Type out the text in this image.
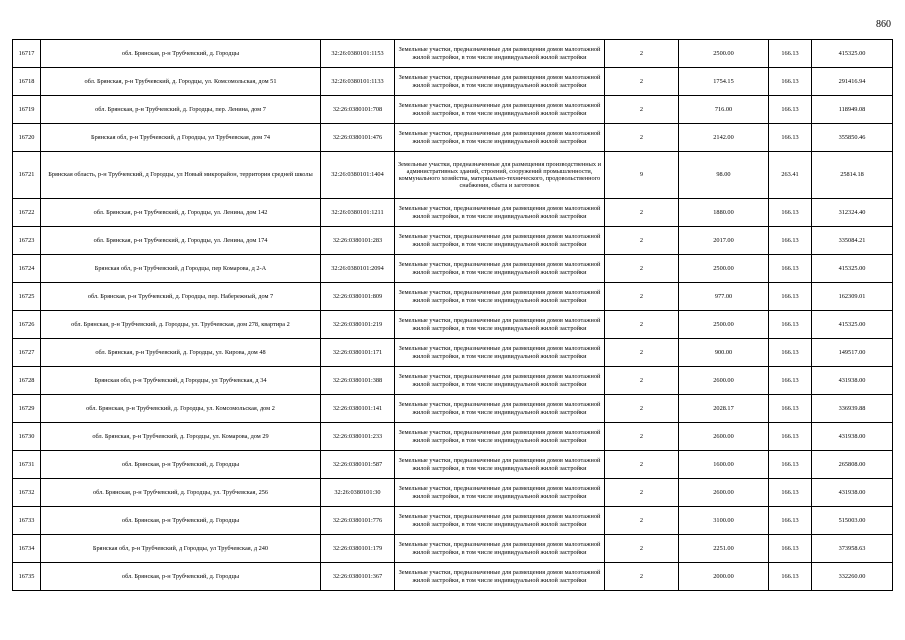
860
16717	обл. Брянская, р-н Трубчевский, д. Городцы	32:26:0380101:1153	Земельные участки, предназначенные для размещения домов малоэтажной жилой застройки, в том числе индивидуальной жилой застройки	2	2500.00	166.13	415325.00
16718	обл. Брянская, р-н Трубчевский, д. Городцы, ул. Комсомольская, дом 51	32:26:0380101:1133	Земельные участки, предназначенные для размещения домов малоэтажной жилой застройки, в том числе индивидуальной жилой застройки	2	1754.15	166.13	291416.94
16719	обл. Брянская, р-н Трубчевский, д. Городцы, пер. Ленина, дом 7	32:26:0380101:708	Земельные участки, предназначенные для размещения домов малоэтажной жилой застройки, в том числе индивидуальной жилой застройки	2	716.00	166.13	118949.08
16720	Брянская обл, р-н Трубчевский, д Городцы, ул Трубчевская, дом 74	32:26:0380101:476	Земельные участки, предназначенные для размещения домов малоэтажной жилой застройки, в том числе индивидуальной жилой застройки	2	2142.00	166.13	355850.46
16721	Брянская область, р-н Трубчевский, д Городцы, ул Новый микрорайон, территория средней школы	32:26:0380101:1404	Земельные участки, предназначенные для размещения производственных и административных зданий, строений, сооружений промышленности, коммунального хозяйства, материально-технического, продовольственного снабжения, сбыта и заготовок	9	98.00	263.41	25814.18
16722	обл. Брянская, р-н Трубчевский, д. Городцы, ул. Ленина, дом 142	32:26:0380101:1211	Земельные участки, предназначенные для размещения домов малоэтажной жилой застройки, в том числе индивидуальной жилой застройки	2	1880.00	166.13	312324.40
16723	обл. Брянская, р-н Трубчевский, д. Городцы, ул. Ленина, дом 174	32:26:0380101:283	Земельные участки, предназначенные для размещения домов малоэтажной жилой застройки, в том числе индивидуальной жилой застройки	2	2017.00	166.13	335084.21
16724	Брянская обл, р-н Трубчевский, д Городцы, пер Комарова, д 2-А	32:26:0380101:2094	Земельные участки, предназначенные для размещения домов малоэтажной жилой застройки, в том числе индивидуальной жилой застройки	2	2500.00	166.13	415325.00
16725	обл. Брянская, р-н Трубчевский, д. Городцы, пер. Набережный, дом 7	32:26:0380101:809	Земельные участки, предназначенные для размещения домов малоэтажной жилой застройки, в том числе индивидуальной жилой застройки	2	977.00	166.13	162309.01
16726	обл. Брянская, р-н Трубчевский, д. Городцы, ул. Трубчевская, дом 278, квартира 2	32:26:0380101:219	Земельные участки, предназначенные для размещения домов малоэтажной жилой застройки, в том числе индивидуальной жилой застройки	2	2500.00	166.13	415325.00
16727	обл. Брянская, р-н Трубчевский, д. Городцы, ул. Кирова, дом 48	32:26:0380101:171	Земельные участки, предназначенные для размещения домов малоэтажной жилой застройки, в том числе индивидуальной жилой застройки	2	900.00	166.13	149517.00
16728	Брянская обл, р-н Трубчевский, д Городцы, ул Трубчевская, д 34	32:26:0380101:388	Земельные участки, предназначенные для размещения домов малоэтажной жилой застройки, в том числе индивидуальной жилой застройки	2	2600.00	166.13	431938.00
16729	обл. Брянская, р-н Трубчевский, д. Городцы, ул. Комсомольская, дом 2	32:26:0380101:141	Земельные участки, предназначенные для размещения домов малоэтажной жилой застройки, в том числе индивидуальной жилой застройки	2	2028.17	166.13	336939.88
16730	обл. Брянская, р-н Трубчевский, д. Городцы, ул. Комарова, дом 29	32:26:0380101:233	Земельные участки, предназначенные для размещения домов малоэтажной жилой застройки, в том числе индивидуальной жилой застройки	2	2600.00	166.13	431938.00
16731	обл. Брянская, р-н Трубчевский, д. Городцы	32:26:0380101:587	Земельные участки, предназначенные для размещения домов малоэтажной жилой застройки, в том числе индивидуальной жилой застройки	2	1600.00	166.13	265808.00
16732	обл. Брянская, р-н Трубчевский, д. Городцы, ул. Трубчевская, 256	32:26:0380101:30	Земельные участки, предназначенные для размещения домов малоэтажной жилой застройки, в том числе индивидуальной жилой застройки	2	2600.00	166.13	431938.00
16733	обл. Брянская, р-н Трубчевский, д. Городцы	32:26:0380101:776	Земельные участки, предназначенные для размещения домов малоэтажной жилой застройки, в том числе индивидуальной жилой застройки	2	3100.00	166.13	515003.00
16734	Брянская обл, р-н Трубчевский, д Городцы, ул Трубчевская, д 240	32:26:0380101:179	Земельные участки, предназначенные для размещения домов малоэтажной жилой застройки, в том числе индивидуальной жилой застройки	2	2251.00	166.13	373958.63
16735	обл. Брянская, р-н Трубчевский, д. Городцы	32:26:0380101:367	Земельные участки, предназначенные для размещения домов малоэтажной жилой застройки, в том числе индивидуальной жилой застройки	2	2000.00	166.13	332260.00
